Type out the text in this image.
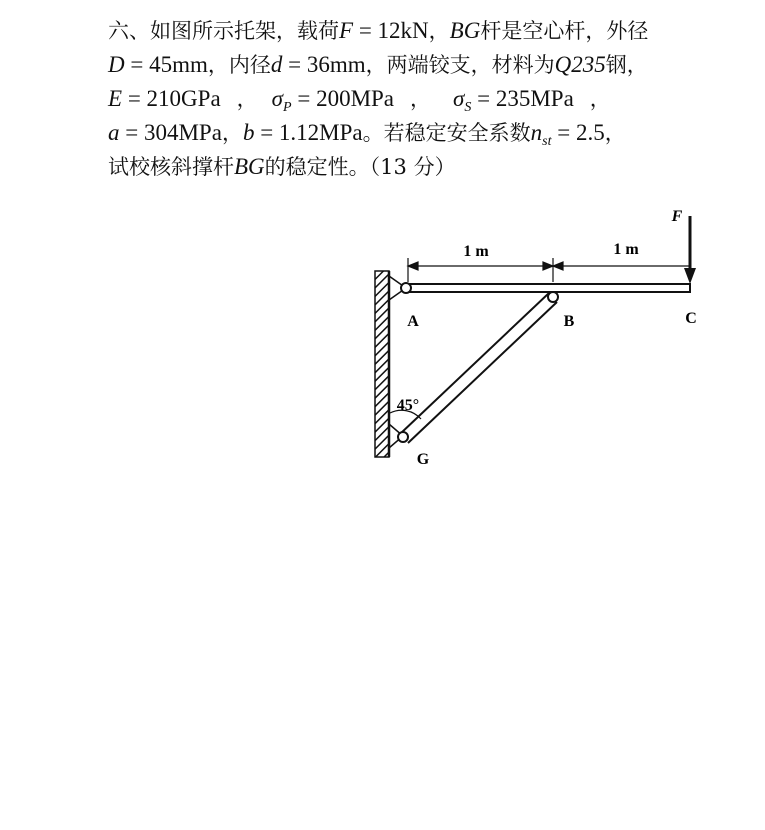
六、如图所示托架，载荷F = 12kN，BG杆是空心杆，外径
D = 45mm，内径d = 36mm，两端铰支，材料为Q235钢，
E = 210GPa ， $\sigma_P = 200MPa$ ， $\sigma_S = 235MPa$ ，
a = 304MPa，b = 1.12MPa。若稳定安全系数$n_{st} = 2.5$，
试校核斜撑杆BG的稳定性。（13 分）
1 m	1 m
F
A	B	C
G
45°
